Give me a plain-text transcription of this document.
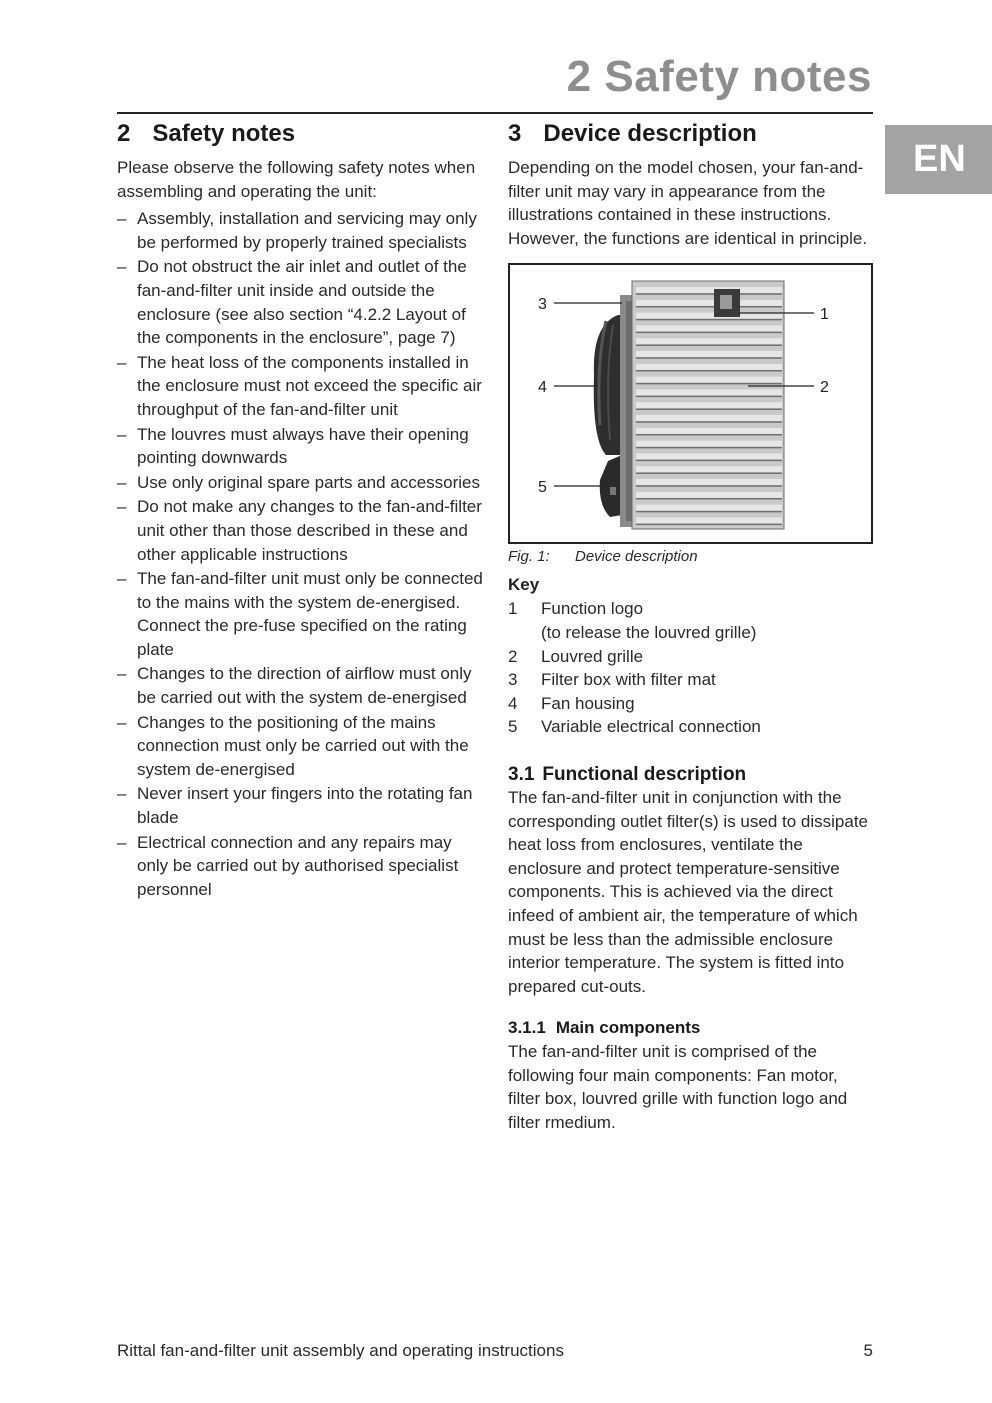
2 Safety notes
EN
2 Safety notes

Please observe the following safety notes when assembling and operating the unit:

– Assembly, installation and servicing may only be performed by properly trained specialists
– Do not obstruct the air inlet and outlet of the fan-and-filter unit inside and outside the enclosure (see also section “4.2.2 Layout of the components in the enclosure”, page 7)
– The heat loss of the components installed in the enclosure must not exceed the specific air throughput of the fan-and-filter unit
– The louvres must always have their opening pointing downwards
– Use only original spare parts and accessories
– Do not make any changes to the fan-and-filter unit other than those described in these and other applicable instructions
– The fan-and-filter unit must only be connected to the mains with the system de-energised. Connect the pre-fuse specified on the rating plate
– Changes to the direction of airflow must only be carried out with the system de-energised
– Changes to the positioning of the mains connection must only be carried out with the system de-energised
– Never insert your fingers into the rotating fan blade
– Electrical connection and any repairs may only be carried out by authorised specialist personnel
3 Device description

Depending on the model chosen, your fan-and-filter unit may vary in appearance from the illustrations contained in these instructions. However, the functions are identical in principle.

3
1
4	2
5
Fig. 1: Device description
Key
1	Function logo
(to release the louvred grille)
2	Louvred grille
3	Filter box with filter mat
4	Fan housing
5	Variable electrical connection
3.1 Functional description

The fan-and-filter unit in conjunction with the corresponding outlet filter(s) is used to dissipate heat loss from enclosures, ventilate the enclosure and protect temperature-sensitive components. This is achieved via the direct infeed of ambient air, the temperature of which must be less than the admissible enclosure interior temperature. The system is fitted into prepared cut-outs.

3.1.1 Main components

The fan-and-filter unit is comprised of the following four main components: Fan motor, filter box, louvred grille with function logo and filter rmedium.

Rittal fan-and-filter unit assembly and operating instructions	5
